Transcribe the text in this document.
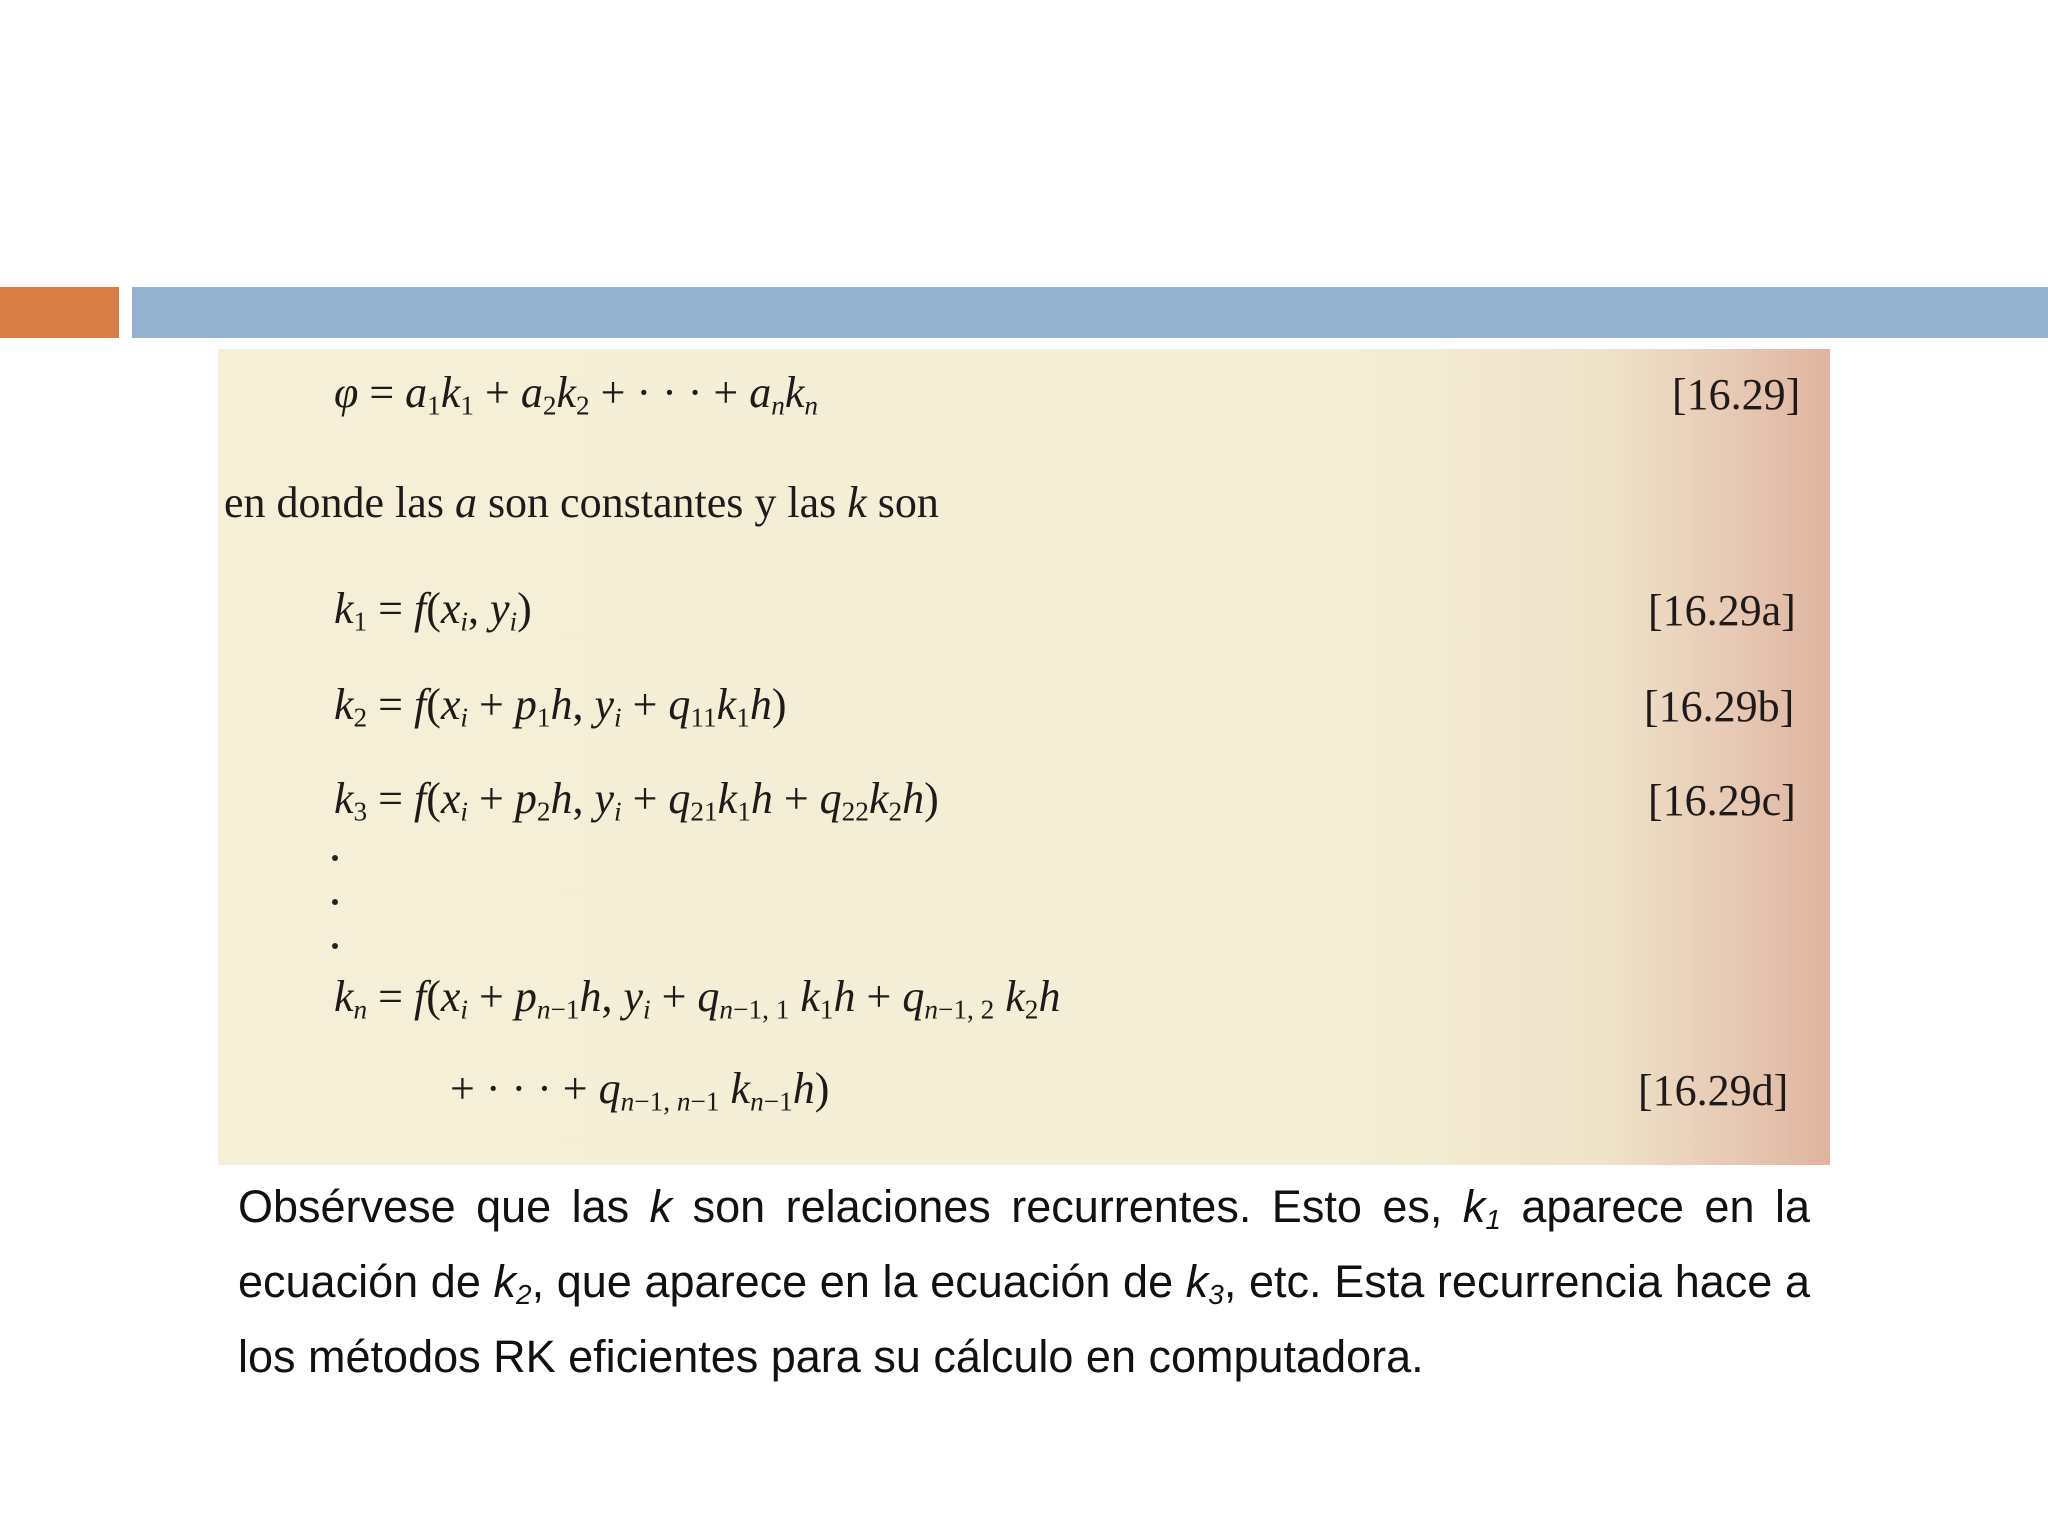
$\varphi = a_1k_1 + a_2k_2$ + · · · + $a_nk_n$	[16.29]
en donde las a son constantes y las k son
$k_1 = f(x_i$, $y_i$)	[16.29a]
$k_2 = f(x_i + p_1h$, $y_i + q_{11}k_1h$)	[16.29b]
$k_3 = f(x_i + p_2h$, $y_i + q_{21}k_1h + q_{22}k_2h$)	[16.29c]
$k_n = f(x_i + p_{n-1}h$, $y_i + q_{n-1, 1}$ $k_1h + q_{n-1, 2}$ $k_2h$
+ · · · + $q_{n-1, n-1}$ $k_{n-1}h$)	[16.29d]
Obsérvese que las k son relaciones recurrentes. Esto es, $k_1$ aparece en la ecuación de $k_2$, que aparece en la ecuación de $k_3$, etc. Esta recurrencia hace a los métodos RK eficientes para su cálculo en computadora.
